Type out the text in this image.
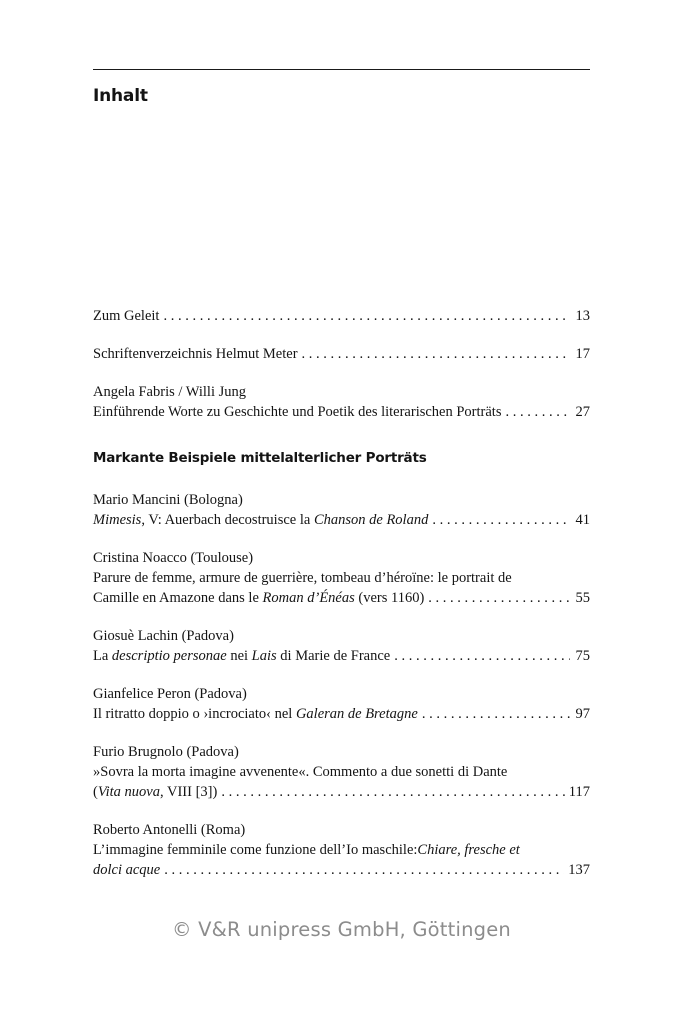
Inhalt
Zum Geleit . . .	13
Schriftenverzeichnis Helmut Meter . . .	17
Angela Fabris / Willi Jung
Einführende Worte zu Geschichte und Poetik des literarischen Porträts . . .	27
Markante Beispiele mittelalterlicher Porträts
Mario Mancini (Bologna)
Mimesis, V: Auerbach decostruisce la Chanson de Roland . . .	41
Cristina Noacco (Toulouse)
Parure de femme, armure de guerrière, tombeau d’héroïne: le portrait de
Camille en Amazone dans le Roman d’Énéas (vers 1160) . . .	55
Giosuè Lachin (Padova)
La descriptio personae nei Lais di Marie de France . . .	75
Gianfelice Peron (Padova)
Il ritratto doppio o ›incrociato‹ nel Galeran de Bretagne . . .	97
Furio Brugnolo (Padova)
»Sovra la morta imagine avvenente«. Commento a due sonetti di Dante
(Vita nuova, VIII [3]) . . .	117
Roberto Antonelli (Roma)
L’immagine femminile come funzione dell’Io maschile: Chiare, fresche et
dolci acque . . .	137
© V&R unipress GmbH, Göttingen
